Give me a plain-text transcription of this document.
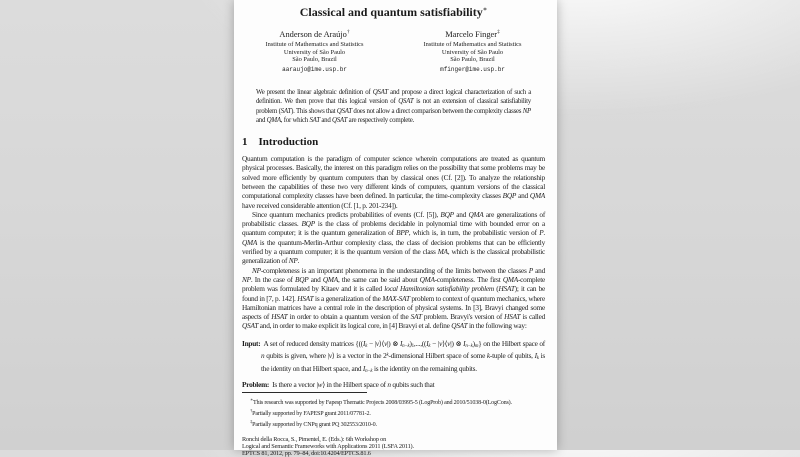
Classical and quantum satisfiability∗
Anderson de Araújo†
Institute of Mathematics and Statistics
University of São Paulo
São Paulo, Brazil
aaraujo@ime.usp.br
Marcelo Finger‡
Institute of Mathematics and Statistics
University of São Paulo
São Paulo, Brazil
mfinger@ime.usp.br
We present the linear algebraic definition of QSAT and propose a direct logical characterization of such a definition. We then prove that this logical version of QSAT is not an extension of classical satisfiability problem (SAT). This shows that QSAT does not allow a direct comparison between the complexity classes NP and QMA, for which SAT and QSAT are respectively complete.
1 Introduction
Quantum computation is the paradigm of computer science wherein computations are treated as quantum physical processes. Basically, the interest on this paradigm relies on the possibility that some problems may be solved more efficiently by quantum computers than by classical ones (Cf. [2]). To analyze the relationship between the capabilities of these two very different kinds of computers, quantum versions of the classical computational complexity classes have been defined. In particular, the time-complexity classes BQP and QMA have received considerable attention (Cf. [1, p. 201-234]).
Since quantum mechanics predicts probabilities of events (Cf. [5]), BQP and QMA are generalizations of probabilistic classes. BQP is the class of problems decidable in polynomial time with bounded error on a quantum computer; it is the quantum generalization of BPP, which is, in turn, the probabilistic version of P. QMA is the quantum-Merlin-Arthur complexity class, the class of decision problems that can be efficiently verified by a quantum computer; it is the quantum version of the class MA, which is the classical probabilistic generalization of NP.
NP-completeness is an important phenomena in the understanding of the limits between the classes P and NP. In the case of BQP and QMA, the same can be said about QMA-completeness. The first QMA-complete problem was formulated by Kitaev and it is called local Hamiltonian satisfiability problem (HSAT); it can be found in [7, p. 142]. HSAT is a generalization of the MAX-SAT problem to context of quantum mechanics, where Hamiltonian matrices have a central role in the description of physical systems. In [3], Bravyi changed some aspects of HSAT in order to obtain a quantum version of the SAT problem. Bravyi's version of HSAT is called QSAT and, in order to make explicit its logical core, in [4] Bravyi et al. define QSAT in the following way:
Input: A set of reduced density matrices {((Ik − |v⟩⟨v|) ⊗ In−k)1,...,((Ik − |v⟩⟨v|) ⊗ In−k)m} on the Hilbert space of n qubits is given, where |v⟩ is a vector in the 2$^k$-dimensional Hilbert space of some k-tuple of qubits, Ik is the identity on that Hilbert space, and In−k is the identity on the remaining qubits.
Problem: Is there a vector |w⟩ in the Hilbert space of n qubits such that
∗This research was supported by Fapesp Thematic Projects 2008/03995-5 (LogProb) and 2010/51038-0(LogCons).
†Partially supported by FAPESP grant 2011/07781-2.
‡Partially supported by CNPq grant PQ 302553/2010-0.
Ronchi della Rocca, S., Pimentel, E. (Eds.): 6th Workshop on
Logical and Semantic Frameworks with Applications 2011 (LSFA 2011).
EPTCS 81, 2012, pp. 79–84, doi:10.4204/EPTCS.81.6
